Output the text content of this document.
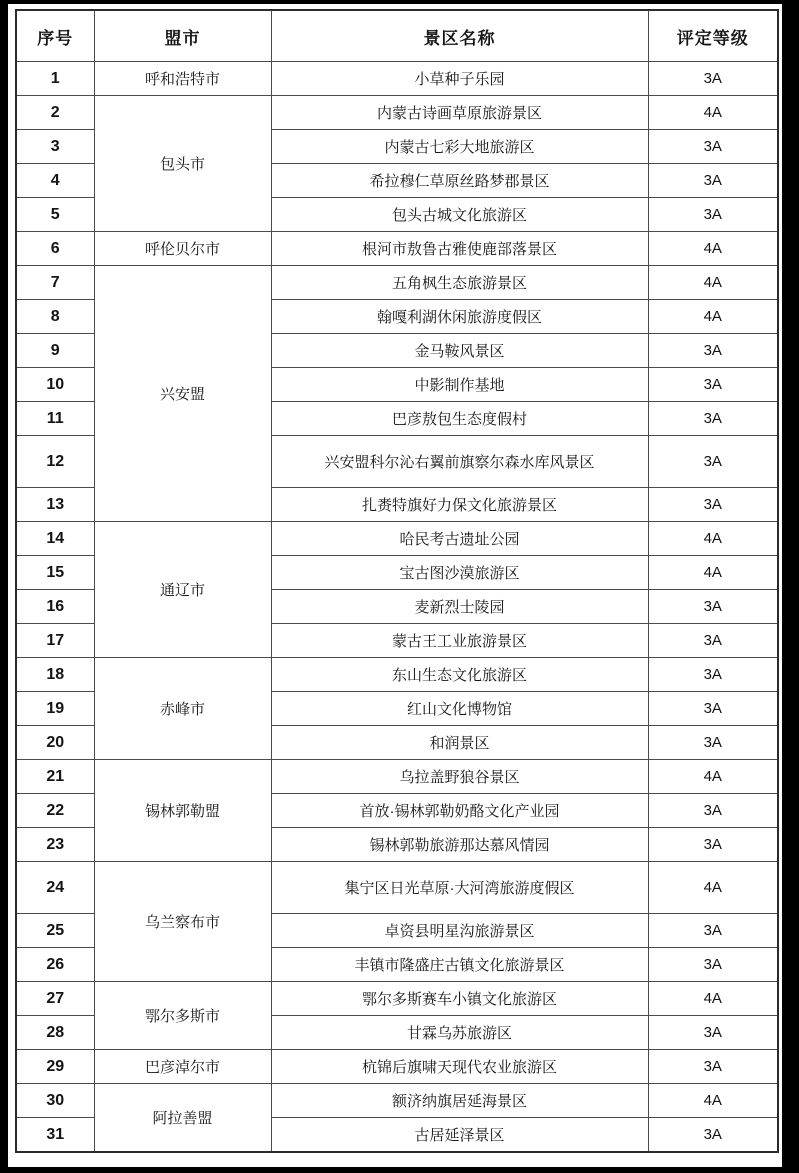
序号	盟市	景区名称	评定等级
1	呼和浩特市	小草种子乐园	3A
2	包头市	内蒙古诗画草原旅游景区	4A
3		内蒙古七彩大地旅游区	3A
4		希拉穆仁草原丝路梦郡景区	3A
5		包头古城文化旅游区	3A
6	呼伦贝尔市	根河市敖鲁古雅使鹿部落景区	4A
7	兴安盟	五角枫生态旅游景区	4A
8		翰嘎利湖休闲旅游度假区	4A
9		金马鞍风景区	3A
10		中影制作基地	3A
11		巴彦敖包生态度假村	3A
12		兴安盟科尔沁右翼前旗察尔森水库风景区	3A
13		扎赉特旗好力保文化旅游景区	3A
14	通辽市	哈民考古遗址公园	4A
15		宝古图沙漠旅游区	4A
16		麦新烈士陵园	3A
17		蒙古王工业旅游景区	3A
18	赤峰市	东山生态文化旅游区	3A
19		红山文化博物馆	3A
20		和润景区	3A
21	锡林郭勒盟	乌拉盖野狼谷景区	4A
22		首放·锡林郭勒奶酪文化产业园	3A
23		锡林郭勒旅游那达慕风情园	3A
24	乌兰察布市	集宁区日光草原·大河湾旅游度假区	4A
25		卓资县明星沟旅游景区	3A
26		丰镇市隆盛庄古镇文化旅游景区	3A
27	鄂尔多斯市	鄂尔多斯赛车小镇文化旅游区	4A
28		甘霖乌苏旅游区	3A
29	巴彦淖尔市	杭锦后旗啸天现代农业旅游区	3A
30	阿拉善盟	额济纳旗居延海景区	4A
31		古居延泽景区	3A
